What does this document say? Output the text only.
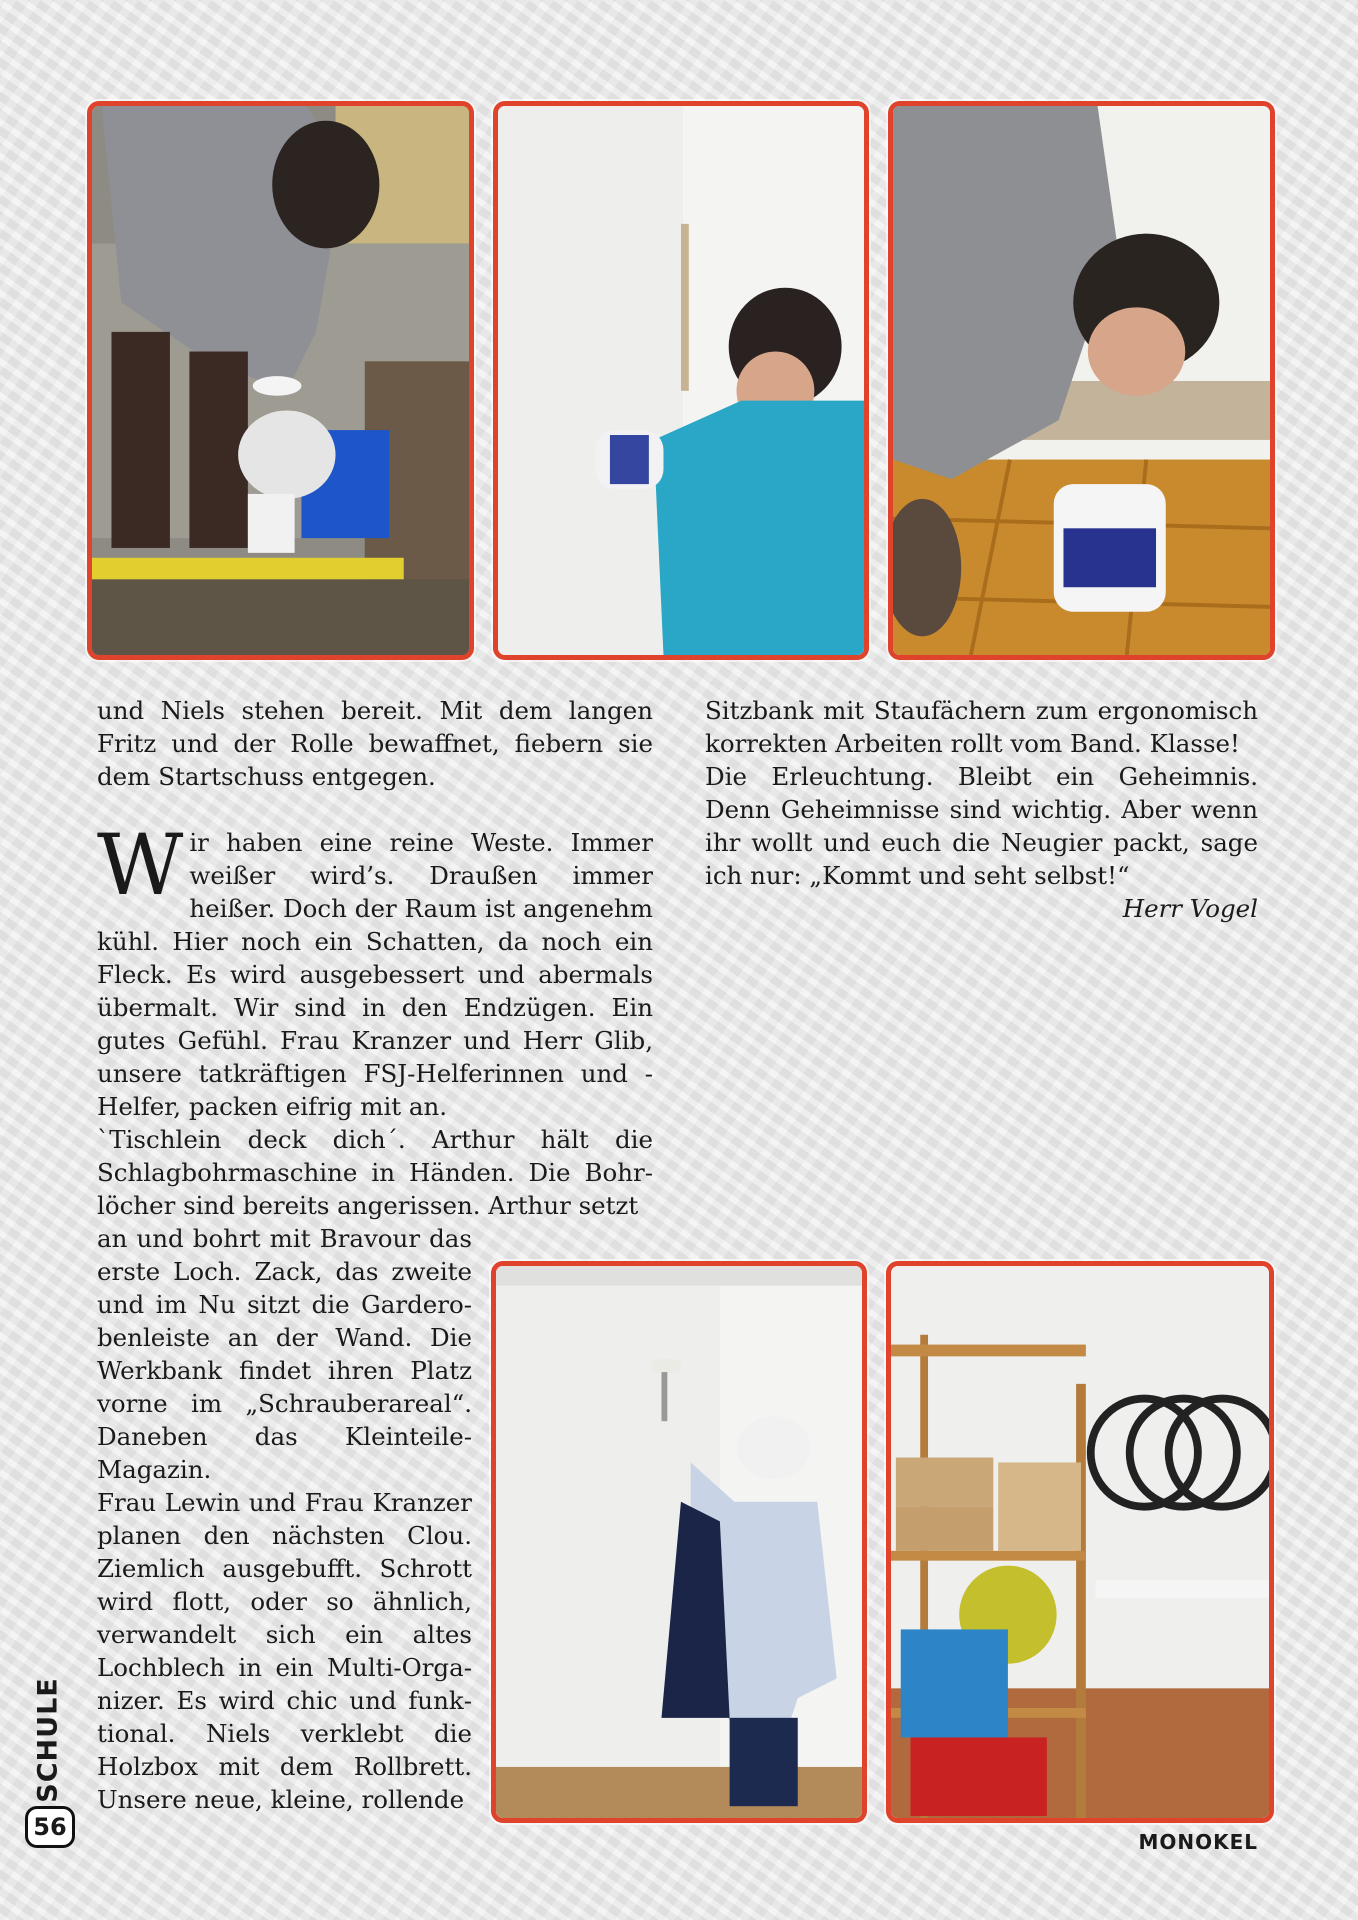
und Niels stehen bereit. Mit dem langen Fritz und der Rolle bewaffnet, fiebern sie dem Startschuss entgegen.

Wir haben eine reine Weste. Immer weißer wird’s. Draußen immer heißer. Doch der Raum ist angenehm kühl. Hier noch ein Schatten, da noch ein Fleck. Es wird ausgebessert und abermals übermalt. Wir sind in den Endzügen. Ein gutes Gefühl. Frau Kranzer und Herr Glib, unsere tatkräftigen FSJ-Helferinnen und -Helfer, packen eifrig mit an.

`Tischlein deck dich´. Arthur hält die Schlagbohrmaschine in Händen. Die Bohrlöcher sind bereits angerissen. Arthur setzt

an und bohrt mit Bravour das erste Loch. Zack, das zweite und im Nu sitzt die Garderobenleiste an der Wand. Die Werkbank findet ihren Platz vorne im „Schrauberareal“. Daneben das Kleinteile-Magazin.

Frau Lewin und Frau Kranzer planen den nächsten Clou. Ziemlich ausgebufft. Schrott wird flott, oder so ähnlich, verwandelt sich ein altes Lochblech in ein Multi-Organizer. Es wird chic und funktional. Niels verklebt die Holzbox mit dem Rollbrett. Unsere neue, kleine, rollende

Sitzbank mit Staufächern zum ergonomisch korrekten Arbeiten rollt vom Band. Klasse!

Die Erleuchtung. Bleibt ein Geheimnis. Denn Geheimnisse sind wichtig. Aber wenn ihr wollt und euch die Neugier packt, sage ich nur: „Kommt und seht selbst!“

Herr Vogel

SCHULE
56
MONOKEL
